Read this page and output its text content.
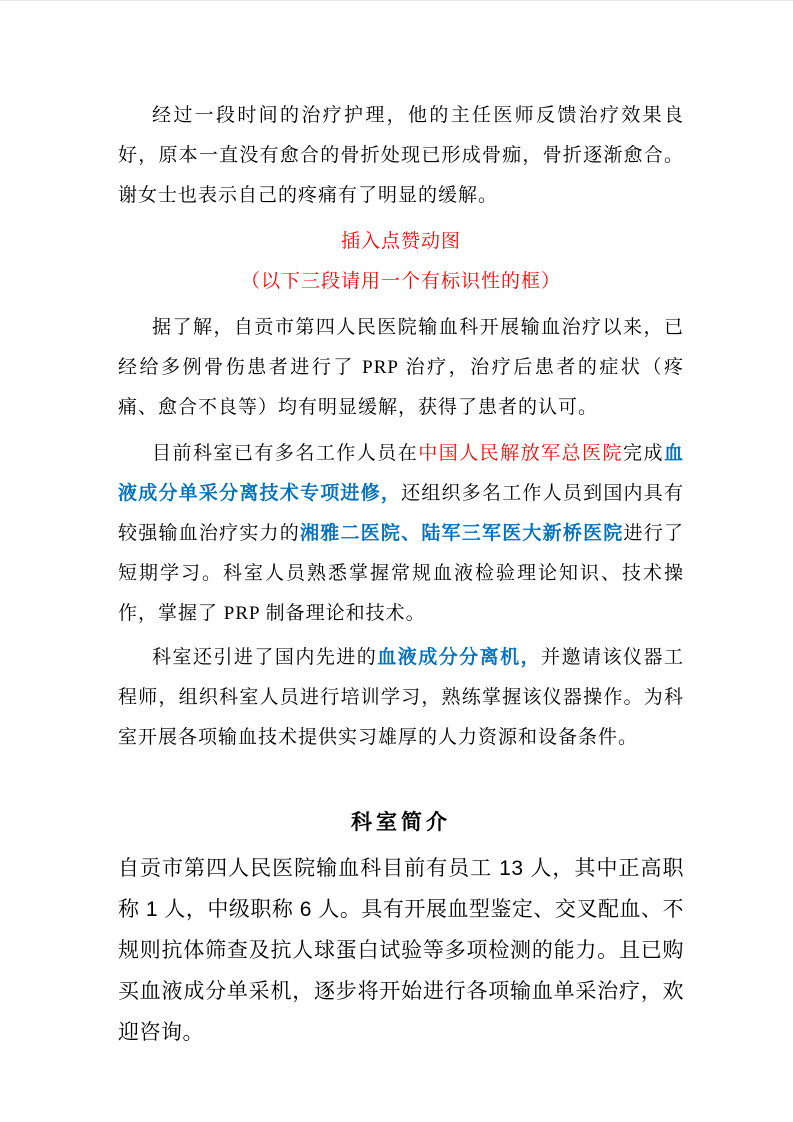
经过一段时间的治疗护理，他的主任医师反馈治疗效果良好，原本一直没有愈合的骨折处现已形成骨痂，骨折逐渐愈合。谢女士也表示自己的疼痛有了明显的缓解。

插入点赞动图

（以下三段请用一个有标识性的框）

据了解，自贡市第四人民医院输血科开展输血治疗以来，已经给多例骨伤患者进行了 PRP 治疗，治疗后患者的症状（疼痛、愈合不良等）均有明显缓解，获得了患者的认可。

目前科室已有多名工作人员在中国人民解放军总医院完成血液成分单采分离技术专项进修，还组织多名工作人员到国内具有较强输血治疗实力的湘雅二医院、陆军三军医大新桥医院进行了短期学习。科室人员熟悉掌握常规血液检验理论知识、技术操作，掌握了 PRP 制备理论和技术。

科室还引进了国内先进的血液成分分离机，并邀请该仪器工程师，组织科室人员进行培训学习，熟练掌握该仪器操作。为科室开展各项输血技术提供实习雄厚的人力资源和设备条件。

科室简介

自贡市第四人民医院输血科目前有员工 13 人，其中正高职称 1 人，中级职称 6 人。具有开展血型鉴定、交叉配血、不规则抗体筛查及抗人球蛋白试验等多项检测的能力。且已购买血液成分单采机，逐步将开始进行各项输血单采治疗，欢迎咨询。
